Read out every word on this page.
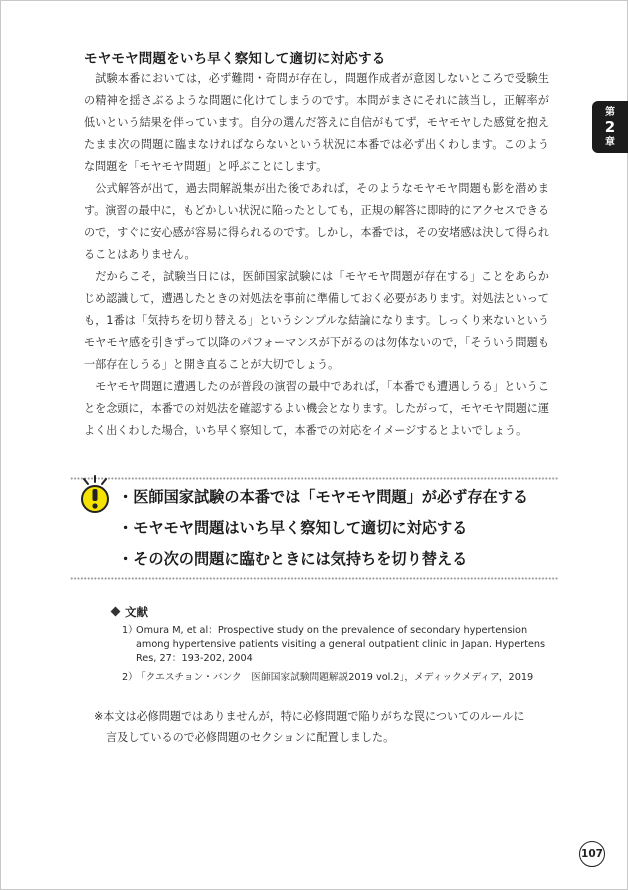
モヤモヤ問題をいち早く察知して適切に対応する

試験本番においては，必ず難問・奇問が存在し，問題作成者が意図しないところで受験生の精神を揺さぶるような問題に化けてしまうのです。本問がまさにそれに該当し，正解率が低いという結果を伴っています。自分の選んだ答えに自信がもてず，モヤモヤした感覚を抱えたまま次の問題に臨まなければならないという状況に本番では必ず出くわします。このような問題を「モヤモヤ問題」と呼ぶことにします。

公式解答が出て，過去問解説集が出た後であれば，そのようなモヤモヤ問題も影を潜めます。演習の最中に，もどかしい状況に陥ったとしても，正規の解答に即時的にアクセスできるので，すぐに安心感が容易に得られるのです。しかし，本番では，その安堵感は決して得られることはありません。

だからこそ，試験当日には，医師国家試験には「モヤモヤ問題が存在する」ことをあらかじめ認識して，遭遇したときの対処法を事前に準備しておく必要があります。対処法といっても，1番は「気持ちを切り替える」というシンプルな結論になります。しっくり来ないというモヤモヤ感を引きずって以降のパフォーマンスが下がるのは勿体ないので，「そういう問題も一部存在しうる」と開き直ることが大切でしょう。

モヤモヤ問題に遭遇したのが普段の演習の最中であれば，「本番でも遭遇しうる」ということを念頭に，本番での対処法を確認するよい機会となります。したがって，モヤモヤ問題に運よく出くわした場合，いち早く察知して，本番での対応をイメージするとよいでしょう。

・医師国家試験の本番では「モヤモヤ問題」が必ず存在する
・モヤモヤ問題はいち早く察知して適切に対応する
・その次の問題に臨むときには気持ちを切り替える
文献
1）
Omura M, et al：Prospective study on the prevalence of secondary hypertension among hypertensive patients visiting a general outpatient clinic in Japan. Hypertens Res, 27：193-202, 2004
2）
「クエスチョン・バンク　医師国家試験問題解説2019 vol.2」，メディックメディア，2019
※本文は必修問題ではありませんが，特に必修問題で陥りがちな罠についてのルールに
言及しているので必修問題のセクションに配置しました。
第
2
章
107
